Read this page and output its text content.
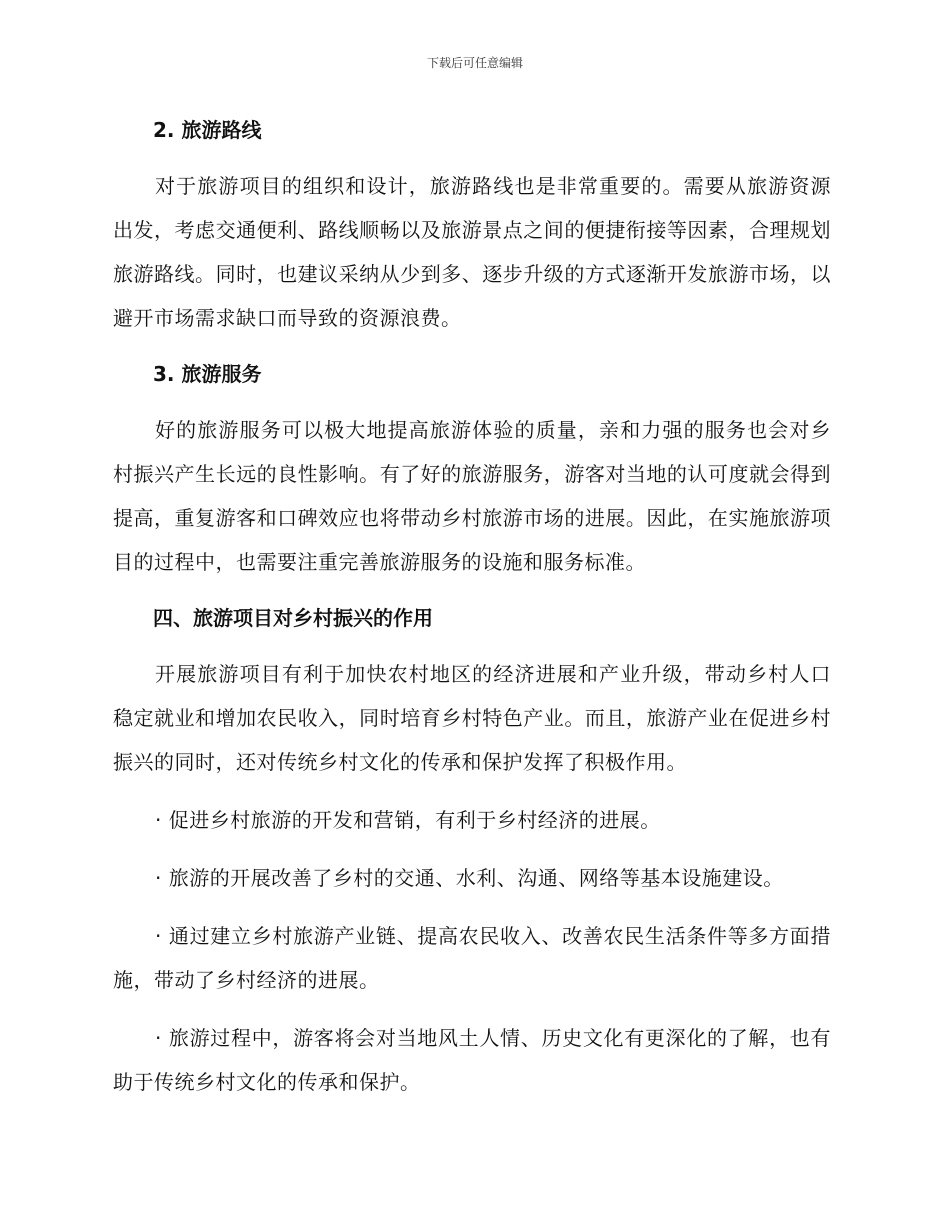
下载后可任意编辑
2. 旅游路线

对于旅游项目的组织和设计，旅游路线也是非常重要的。需要从旅游资源出发，考虑交通便利、路线顺畅以及旅游景点之间的便捷衔接等因素，合理规划旅游路线。同时，也建议采纳从少到多、逐步升级的方式逐渐开发旅游市场，以避开市场需求缺口而导致的资源浪费。

3. 旅游服务

好的旅游服务可以极大地提高旅游体验的质量，亲和力强的服务也会对乡村振兴产生长远的良性影响。有了好的旅游服务，游客对当地的认可度就会得到提高，重复游客和口碑效应也将带动乡村旅游市场的进展。因此，在实施旅游项目的过程中，也需要注重完善旅游服务的设施和服务标准。

四、旅游项目对乡村振兴的作用

开展旅游项目有利于加快农村地区的经济进展和产业升级，带动乡村人口稳定就业和增加农民收入，同时培育乡村特色产业。而且，旅游产业在促进乡村振兴的同时，还对传统乡村文化的传承和保护发挥了积极作用。

· 促进乡村旅游的开发和营销，有利于乡村经济的进展。

· 旅游的开展改善了乡村的交通、水利、沟通、网络等基本设施建设。

· 通过建立乡村旅游产业链、提高农民收入、改善农民生活条件等多方面措施，带动了乡村经济的进展。

· 旅游过程中，游客将会对当地风土人情、历史文化有更深化的了解，也有助于传统乡村文化的传承和保护。
